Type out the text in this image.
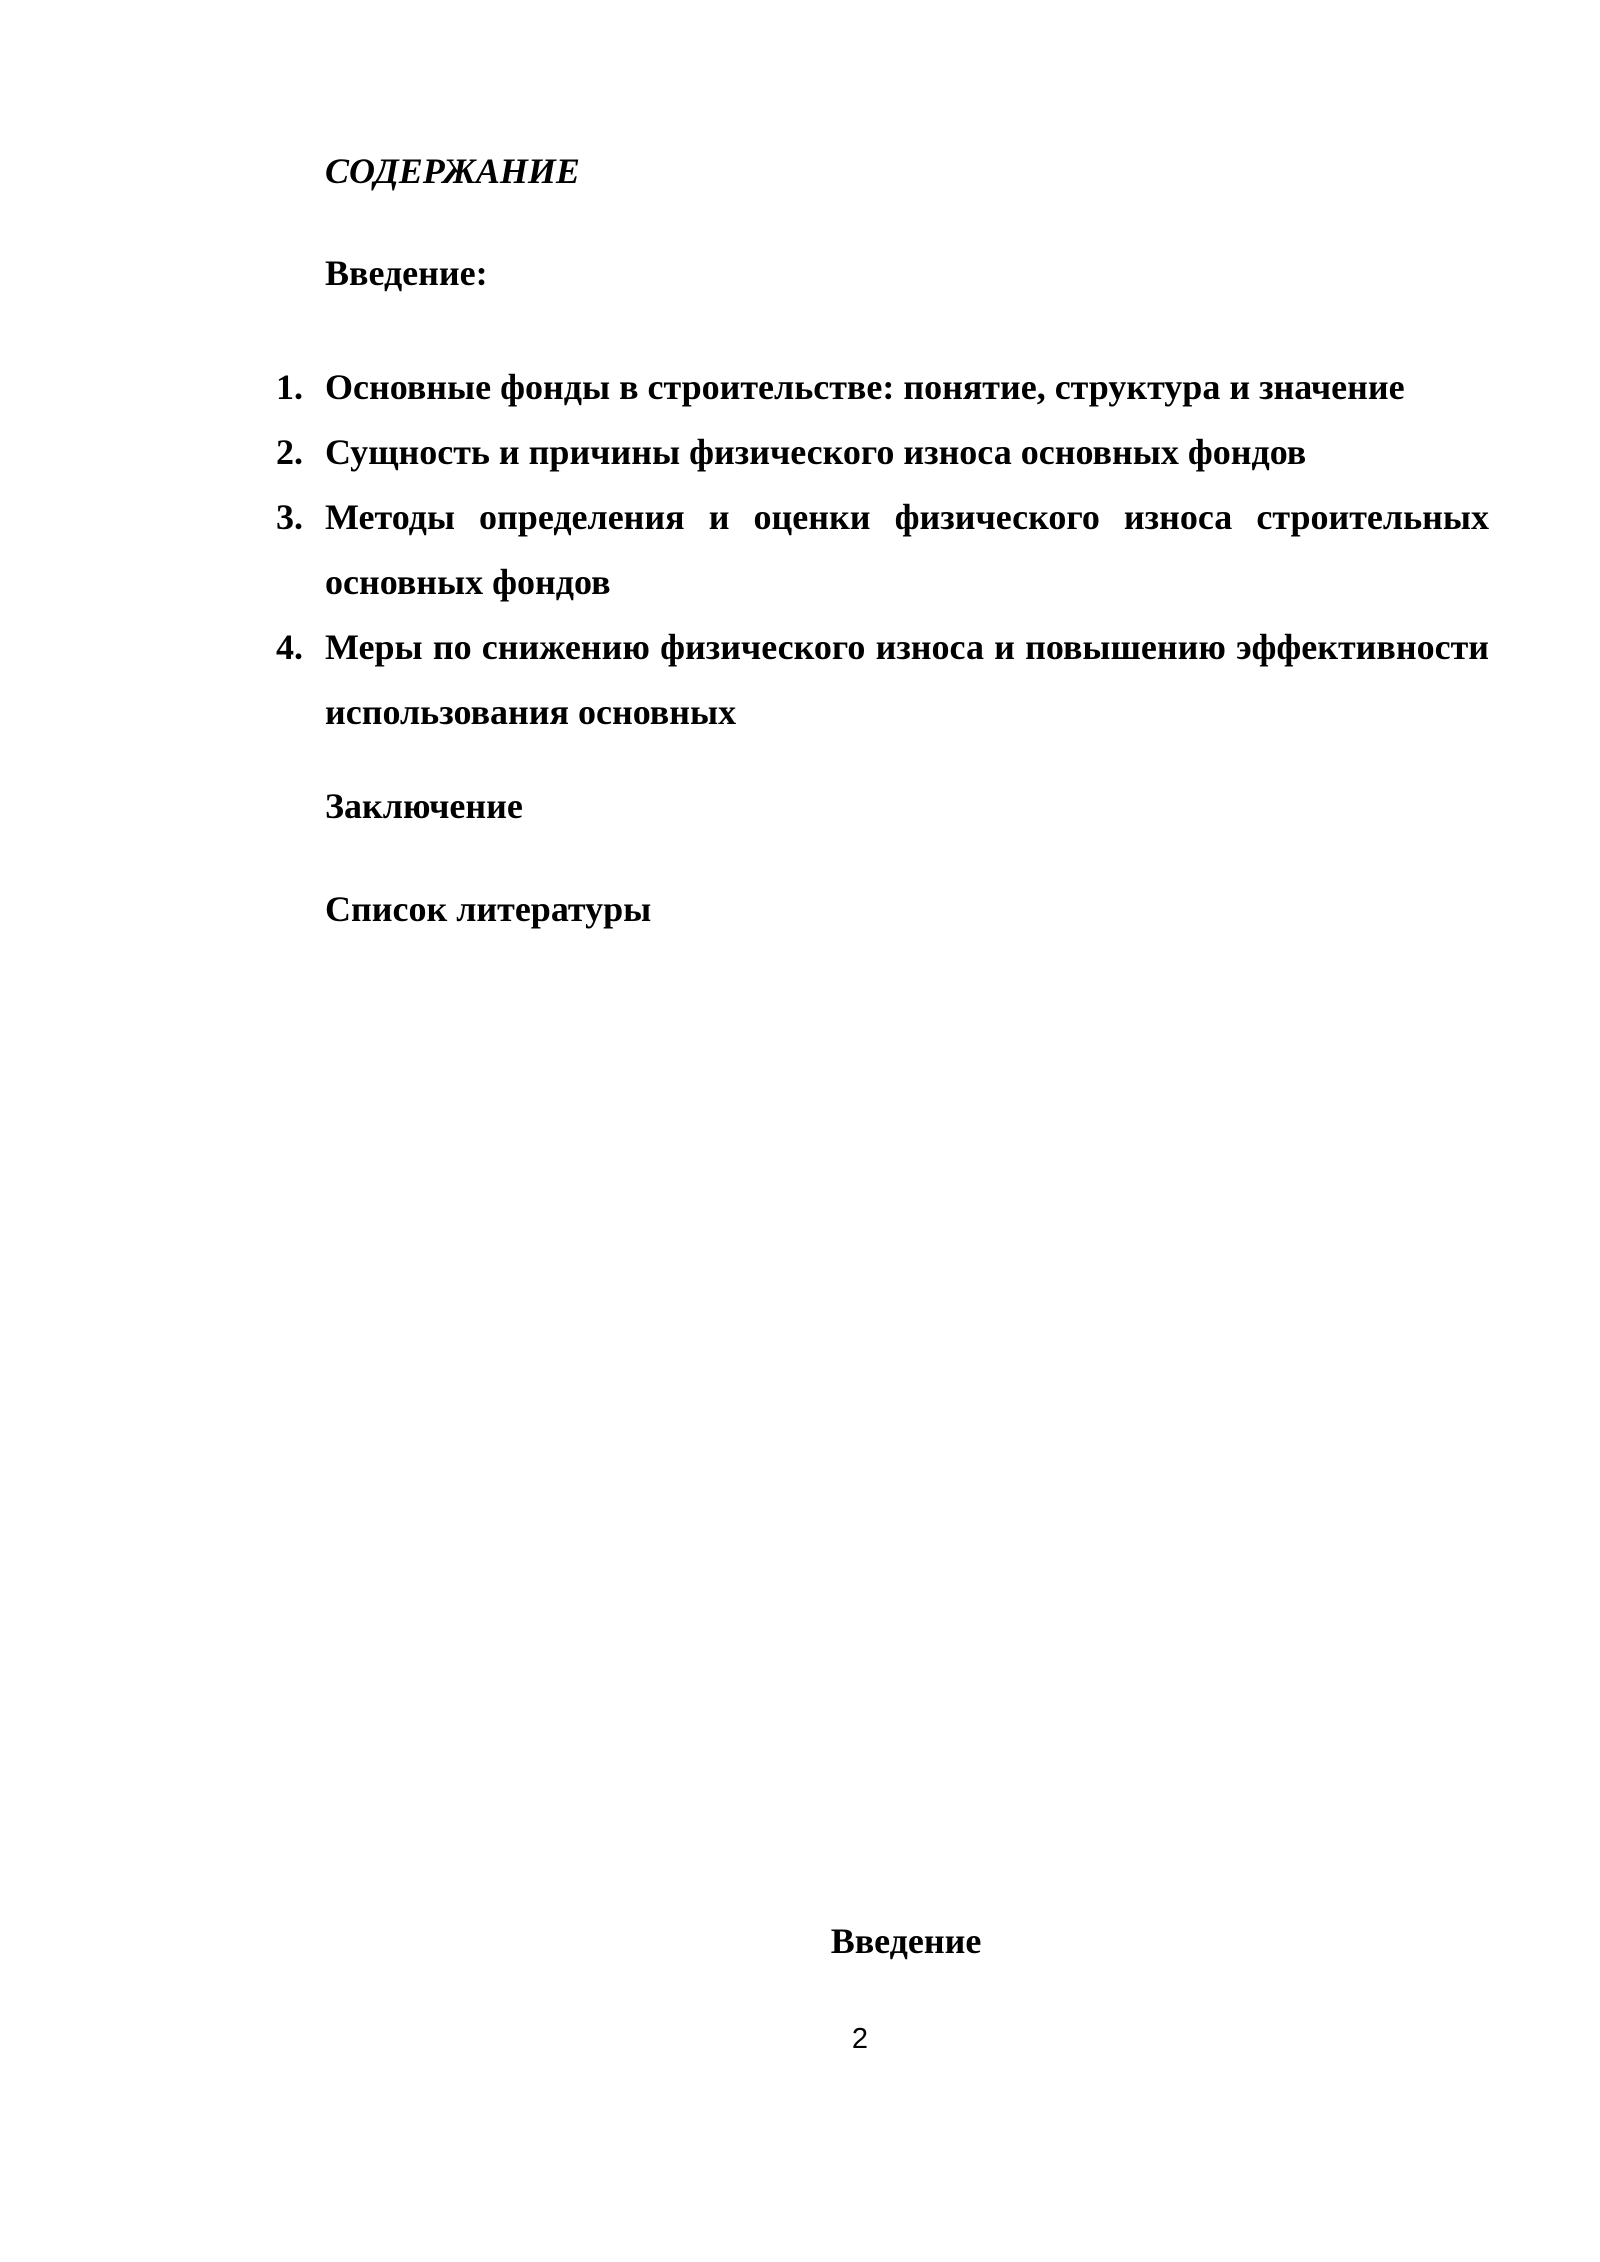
СОДЕРЖАНИЕ
Введение:
1. Основные фонды в строительстве: понятие, структура и значение
2. Сущность и причины физического износа основных фондов
3. Методы определения и оценки физического износа строительных основных фондов
4. Меры по снижению физического износа и повышению эффективности использования основных
Заключение
Список литературы
Введение
2
